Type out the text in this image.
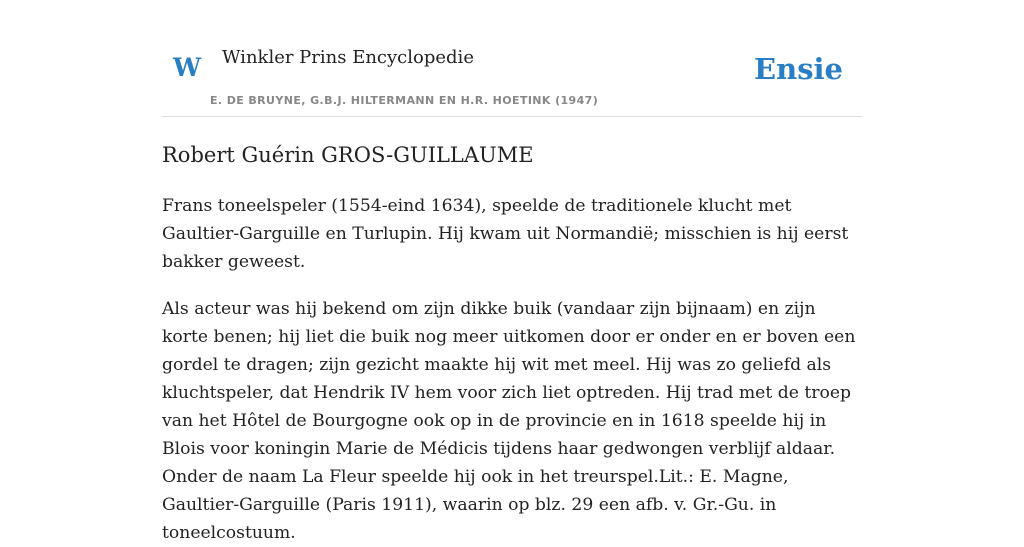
W Winkler Prins Encyclopedie
E. DE BRUYNE, G.B.J. HILTERMANN EN H.R. HOETINK (1947)
Ensie
Robert Guérin GROS-GUILLAUME

Frans toneelspeler (1554-eind 1634), speelde de traditionele klucht met Gaultier-Garguille en Turlupin. Hij kwam uit Normandië; misschien is hij eerst bakker geweest.

Als acteur was hij bekend om zijn dikke buik (vandaar zijn bijnaam) en zijn korte benen; hij liet die buik nog meer uitkomen door er onder en er boven een gordel te dragen; zijn gezicht maakte hij wit met meel. Hij was zo geliefd als kluchtspeler, dat Hendrik IV hem voor zich liet optreden. Hij trad met de troep van het Hôtel de Bourgogne ook op in de provincie en in 1618 speelde hij in Blois voor koningin Marie de Médicis tijdens haar gedwongen verblijf aldaar. Onder de naam La Fleur speelde hij ook in het treurspel.Lit.: E. Magne, Gaultier-Garguille (Paris 1911), waarin op blz. 29 een afb. v. Gr.-Gu. in toneelcostuum.
